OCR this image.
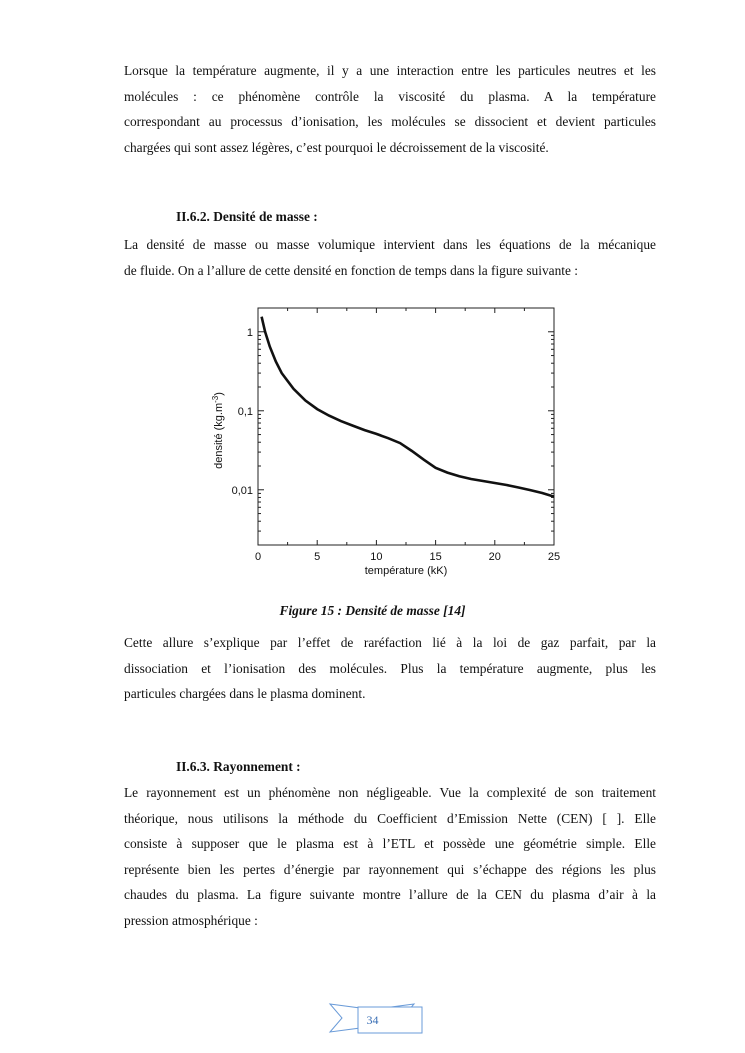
Lorsque la température augmente, il y a une interaction entre les particules neutres et les
molécules : ce phénomène contrôle la viscosité du plasma. A la température
correspondant au processus d’ionisation, les molécules se dissocient et devient particules
chargées qui sont assez légères, c’est pourquoi le décroissement de la viscosité.
II.6.2. Densité de masse :
La densité de masse ou masse volumique intervient dans les équations de la mécanique
de fluide. On a l’allure de cette densité en fonction de temps dans la figure suivante :
0	5	10	15	20	25
1
0,1
0,01
température (kK)
densité $(kg.m^{-3})$
Figure 15 : Densité de masse [14]
Cette allure s’explique par l’effet de raréfaction lié à la loi de gaz parfait, par la
dissociation et l’ionisation des molécules. Plus la température augmente, plus les
particules chargées dans le plasma dominent.
II.6.3. Rayonnement :
Le rayonnement est un phénomène non négligeable. Vue la complexité de son traitement
théorique, nous utilisons la méthode du Coefficient d’Emission Nette (CEN) [ ]. Elle
consiste à supposer que le plasma est à l’ETL et possède une géométrie simple. Elle
représente bien les pertes d’énergie par rayonnement qui s’échappe des régions les plus
chaudes du plasma. La figure suivante montre l’allure de la CEN du plasma d’air à la
pression atmosphérique :
34
